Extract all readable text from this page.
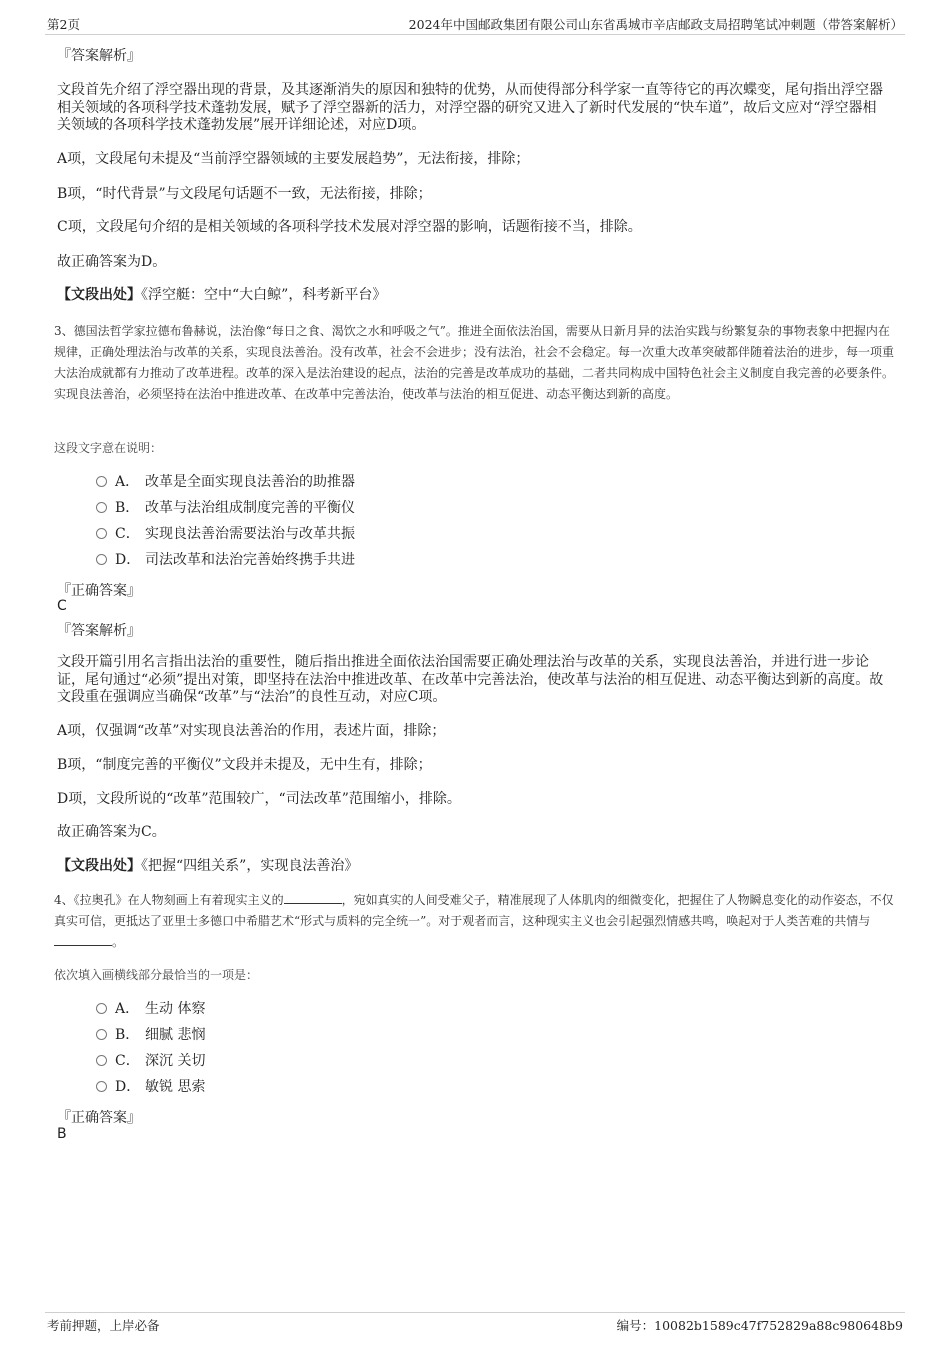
第2页	2024年中国邮政集团有限公司山东省禹城市辛店邮政支局招聘笔试冲刺题（带答案解析）
『答案解析』
文段首先介绍了浮空器出现的背景，及其逐渐消失的原因和独特的优势，从而使得部分科学家一直等待它的再次蝶变，尾句指出浮空器相关领域的各项科学技术蓬勃发展，赋予了浮空器新的活力，对浮空器的研究又进入了新时代发展的“快车道”，故后文应对“浮空器相关领域的各项科学技术蓬勃发展”展开详细论述，对应D项。
A项，文段尾句未提及“当前浮空器领域的主要发展趋势”，无法衔接，排除；
B项，“时代背景”与文段尾句话题不一致，无法衔接，排除；
C项，文段尾句介绍的是相关领域的各项科学技术发展对浮空器的影响，话题衔接不当，排除。
故正确答案为D。
【文段出处】《浮空艇：空中“大白鲸”，科考新平台》
3、德国法哲学家拉德布鲁赫说，法治像“每日之食、渴饮之水和呼吸之气”。推进全面依法治国，需要从日新月异的法治实践与纷繁复杂的事物表象中把握内在规律，正确处理法治与改革的关系，实现良法善治。没有改革，社会不会进步；没有法治，社会不会稳定。每一次重大改革突破都伴随着法治的进步，每一项重大法治成就都有力推动了改革进程。改革的深入是法治建设的起点，法治的完善是改革成功的基础，二者共同构成中国特色社会主义制度自我完善的必要条件。实现良法善治，必须坚持在法治中推进改革、在改革中完善法治，使改革与法治的相互促进、动态平衡达到新的高度。
这段文字意在说明：
A． 改革是全面实现良法善治的助推器
B． 改革与法治组成制度完善的平衡仪
C． 实现良法善治需要法治与改革共振
D． 司法改革和法治完善始终携手共进
『正确答案』
C
『答案解析』
文段开篇引用名言指出法治的重要性，随后指出推进全面依法治国需要正确处理法治与改革的关系，实现良法善治，并进行进一步论证，尾句通过“必须”提出对策，即坚持在法治中推进改革、在改革中完善法治，使改革与法治的相互促进、动态平衡达到新的高度。故文段重在强调应当确保“改革”与“法治”的良性互动，对应C项。
A项，仅强调“改革”对实现良法善治的作用，表述片面，排除；
B项，“制度完善的平衡仪”文段并未提及，无中生有，排除；
D项，文段所说的“改革”范围较广，“司法改革”范围缩小，排除。
故正确答案为C。
【文段出处】《把握“四组关系”，实现良法善治》
4、《拉奥孔》在人物刻画上有着现实主义的	，宛如真实的人间受难父子，精准展现了人体肌肉的细微变化，把握住了人物瞬息变化的动作姿态，不仅真实可信，更抵达了亚里士多德口中希腊艺术“形式与质料的完全统一”。对于观者而言，这种现实主义也会引起强烈情感共鸣，唤起对于人类苦难的共情与。
依次填入画横线部分最恰当的一项是：
A． 生动 体察
B． 细腻 悲悯
C． 深沉 关切
D． 敏锐 思索
『正确答案』
B
考前押题，上岸必备	编号：10082b1589c47f752829a88c980648b9
